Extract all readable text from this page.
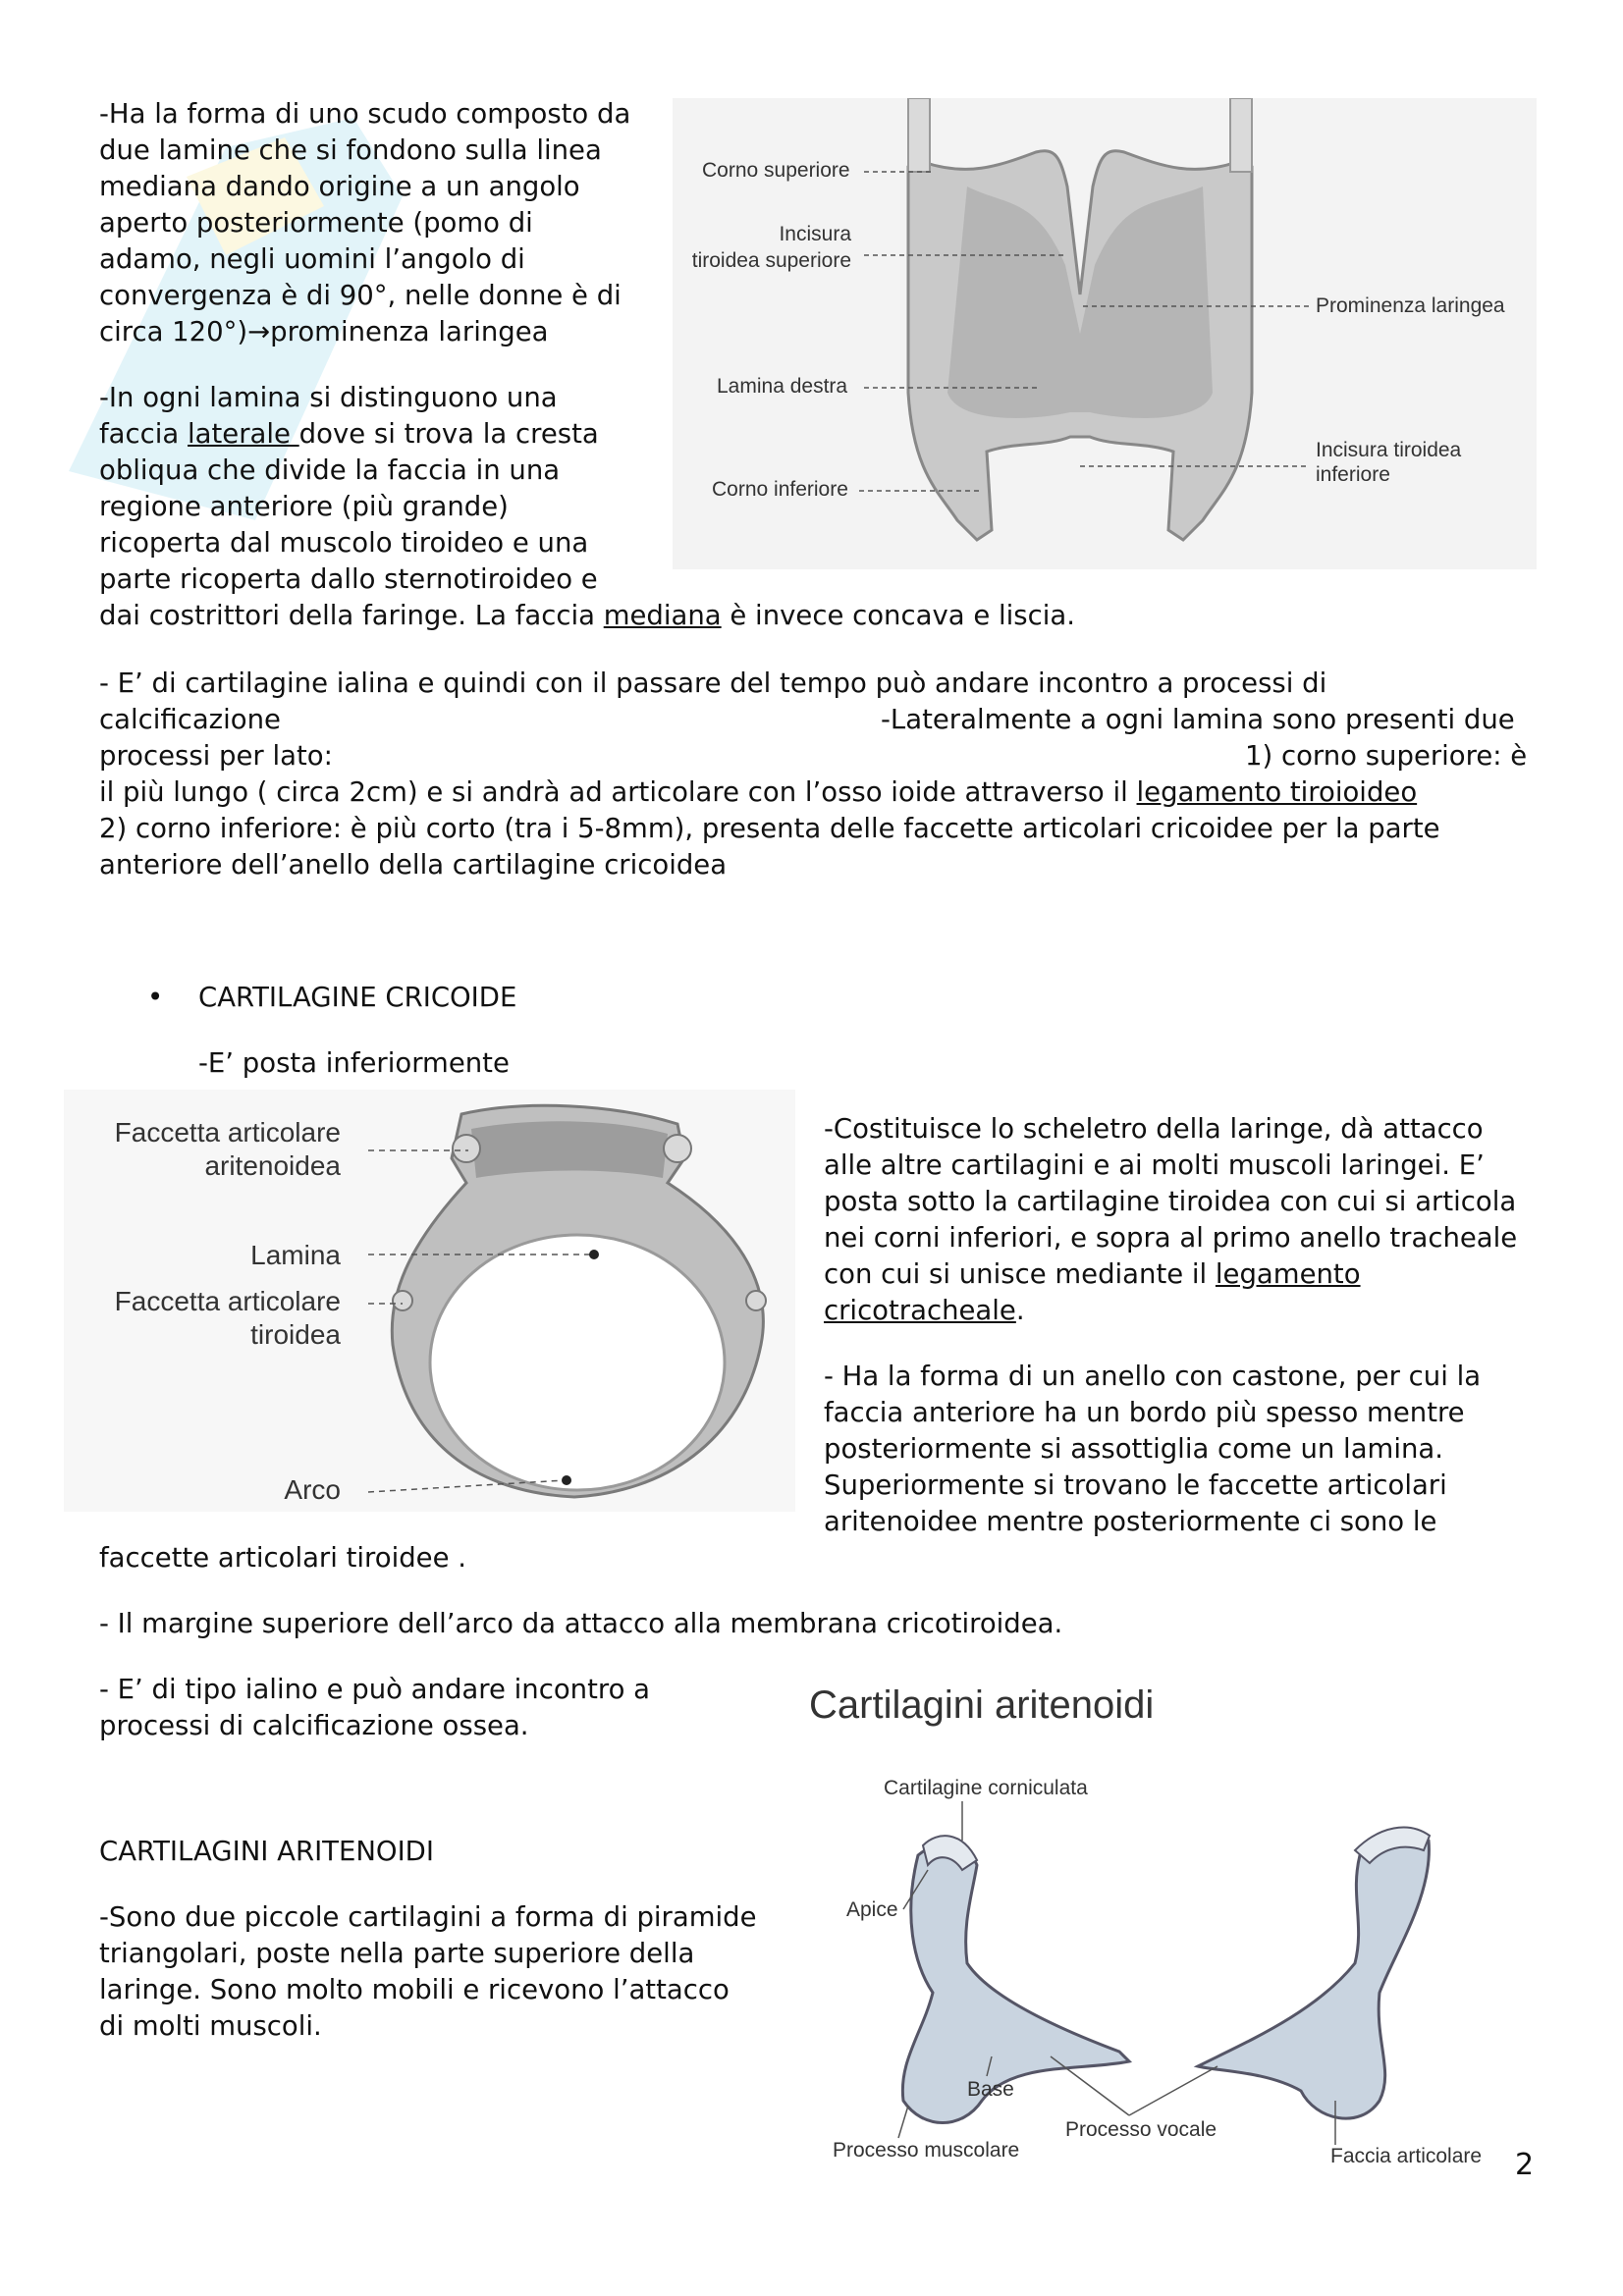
-Ha la forma di uno scudo composto da
due lamine che si fondono sulla linea
mediana dando origine a un angolo
aperto posteriormente (pomo di
adamo, negli uomini l’angolo di
convergenza è di 90°, nelle donne è di
circa 120°)→prominenza laringea
-In ogni lamina si distinguono una
faccia laterale dove si trova la cresta
obliqua che divide la faccia in una
regione anteriore (più grande)
ricoperta dal muscolo tiroideo e una
parte ricoperta dallo sternotiroideo e
dai costrittori della faringe. La faccia mediana è invece concava e liscia.
Corno superiore
Incisura
tiroidea superiore
Prominenza laringea
Lamina destra
Incisura tiroidea
inferiore
Corno inferiore
- E’ di cartilagine ialina e quindi con il passare del tempo può andare incontro a processi di
calcificazione	-Lateralmente a ogni lamina sono presenti due
processi per lato:	1) corno superiore: è
il più lungo ( circa 2cm) e si andrà ad articolare con l’osso ioide attraverso il legamento tiroioideo
2) corno inferiore: è più corto (tra i 5-8mm), presenta delle faccette articolari cricoidee per la parte
anteriore dell’anello della cartilagine cricoidea
• CARTILAGINE CRICOIDE
-E’ posta inferiormente
Faccetta articolare
aritenoidea
Lamina
Faccetta articolare
tiroidea
Arco
-Costituisce lo scheletro della laringe, dà attacco
alle altre cartilagini e ai molti muscoli laringei. E’
posta sotto la cartilagine tiroidea con cui si articola
nei corni inferiori, e sopra al primo anello tracheale
con cui si unisce mediante il legamento
cricotracheale.
- Ha la forma di un anello con castone, per cui la
faccia anteriore ha un bordo più spesso mentre
posteriormente si assottiglia come un lamina.
Superiormente si trovano le faccette articolari
aritenoidee mentre posteriormente ci sono le
faccette articolari tiroidee .
- Il margine superiore dell’arco da attacco alla membrana cricotiroidea.
- E’ di tipo ialino e può andare incontro a
processi di calcificazione ossea.
CARTILAGINI ARITENOIDI
-Sono due piccole cartilagini a forma di piramide
triangolari, poste nella parte superiore della
laringe. Sono molto mobili e ricevono l’attacco
di molti muscoli.
Cartilagini aritenoidi
Cartilagine corniculata
Apice
Base
Processo vocale
Processo muscolare	Faccia articolare 2
